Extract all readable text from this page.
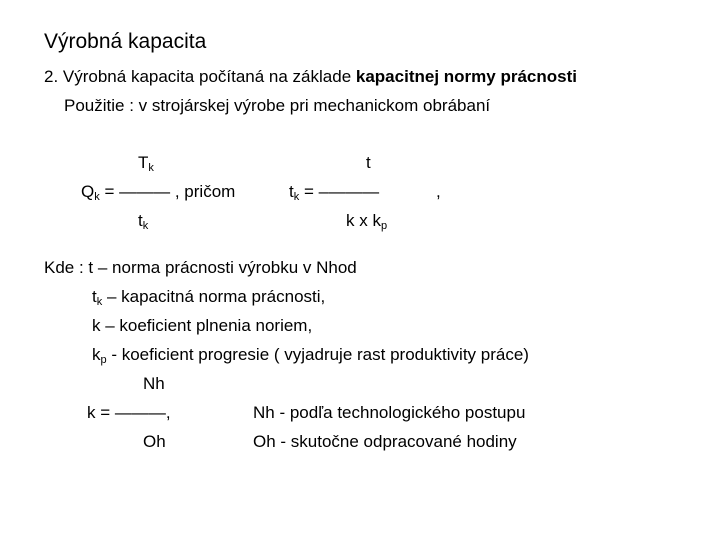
Výrobná kapacita
2. Výrobná kapacita počítaná na základe kapacitnej normy prácnosti
Použitie : v strojárskej výrobe pri mechanickom obrábaní
$T_k$
$Q_k$ = ——— , pričom
$t_k$
t
$t_k$ = –———	,
k x $k_p$
Kde : t – norma prácnosti výrobku v Nhod
$t_k$ – kapacitná norma prácnosti,
k – koeficient plnenia noriem,
$k_p$ - koeficient progresie ( vyjadruje rast produktivity práce)
Nh
k = ———,
Oh
Nh - podľa technologického postupu
Oh - skutočne odpracované hodiny
